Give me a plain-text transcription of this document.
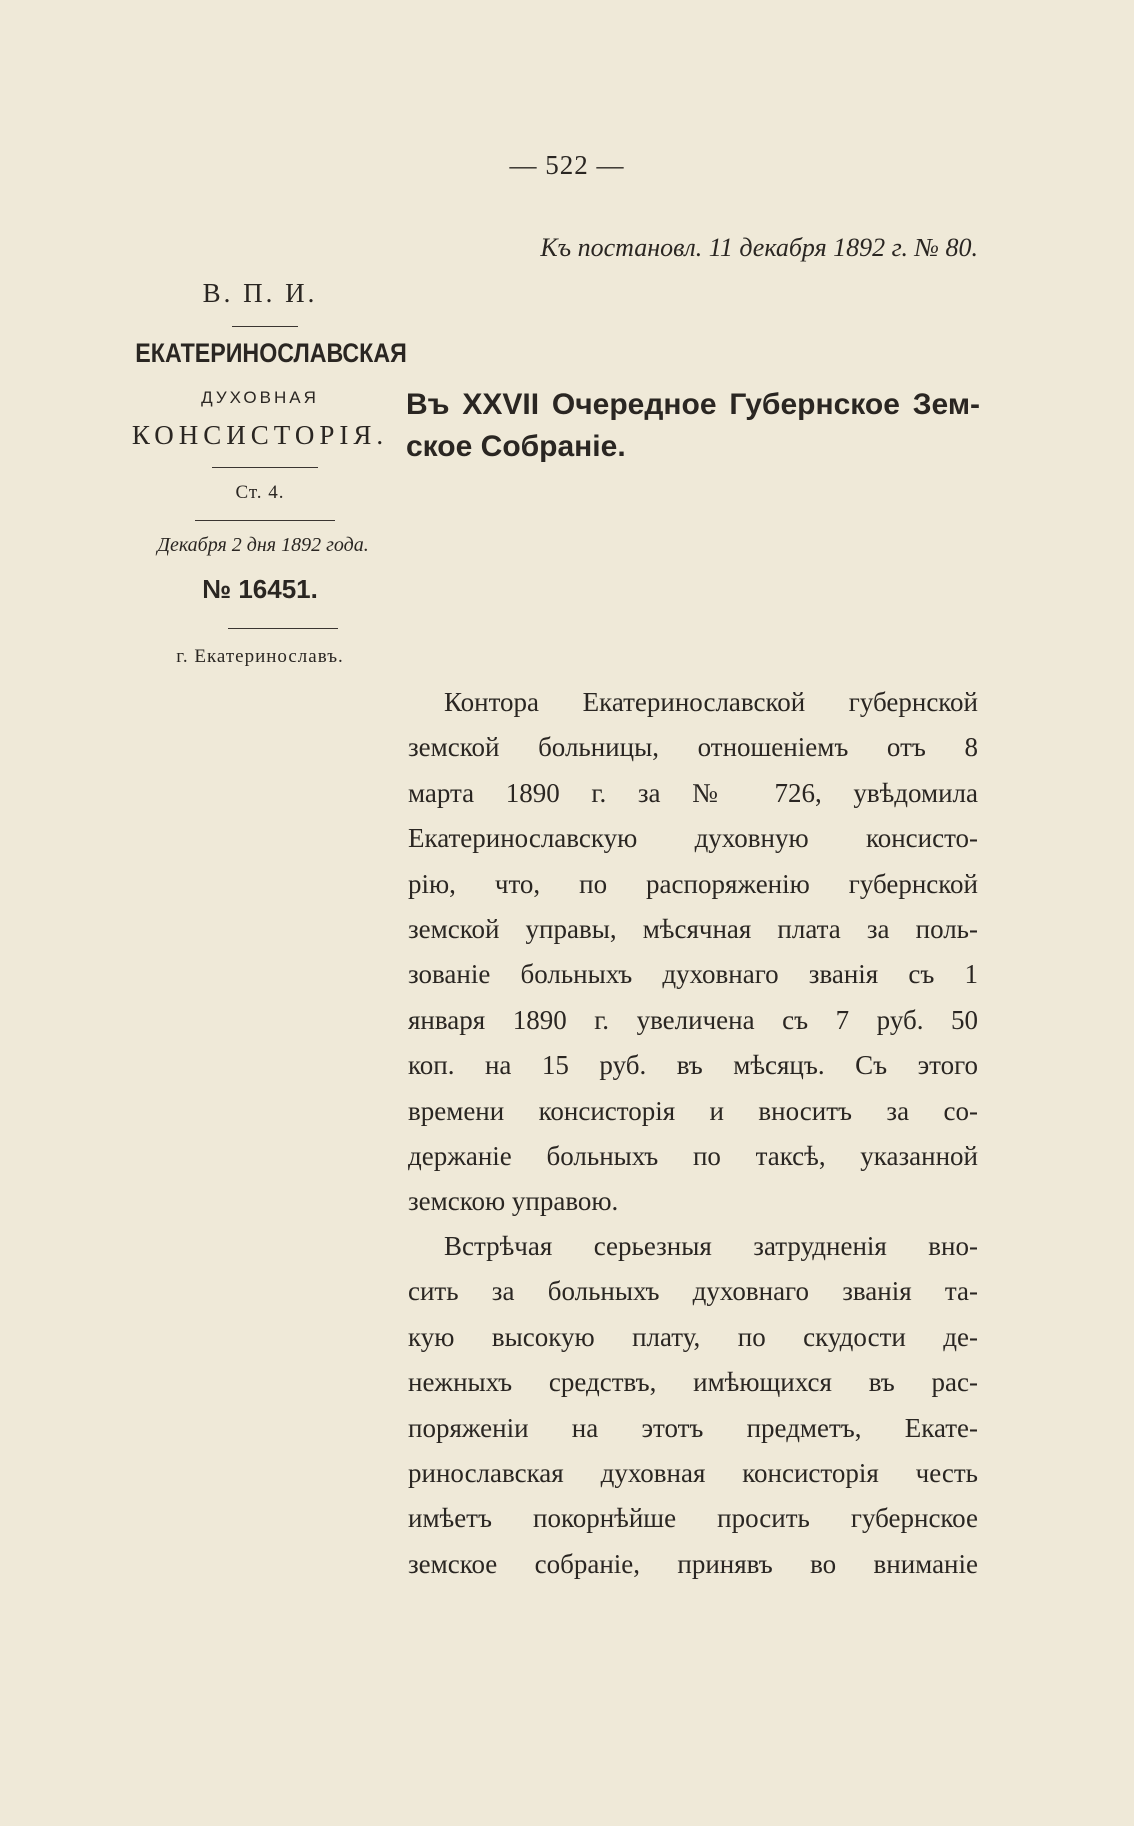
— 522 —
Къ постановл. 11 декабря 1892 г. № 80.
В. П. И.
ЕКАТЕРИНОСЛАВСКАЯ
ДУХОВНАЯ
КОНСИСТОРІЯ.
Ст. 4.
Декабря 2 дня 1892 года.
№ 16451.
г. Екатеринославъ.
Въ XXVII Очередное Губернское Зем-
ское Собраніе.
Контора Екатеринославской губернской
земской больницы, отношеніемъ отъ 8
марта 1890 г. за № 726, увѣдомила
Екатеринославскую духовную консисто-
рію, что, по распоряженію губернской
земской управы, мѣсячная плата за поль-
зованіе больныхъ духовнаго званія съ 1
января 1890 г. увеличена съ 7 руб. 50
коп. на 15 руб. въ мѣсяцъ. Съ этого
времени консисторія и вноситъ за со-
держаніе больныхъ по таксѣ, указанной
земскою управою.
Встрѣчая серьезныя затрудненія вно-
сить за больныхъ духовнаго званія та-
кую высокую плату, по скудости де-
нежныхъ средствъ, имѣющихся въ рас-
поряженіи на этотъ предметъ, Екате-
ринославская духовная консисторія честь
имѣетъ покорнѣйше просить губернское
земское собраніе, принявъ во вниманіе
